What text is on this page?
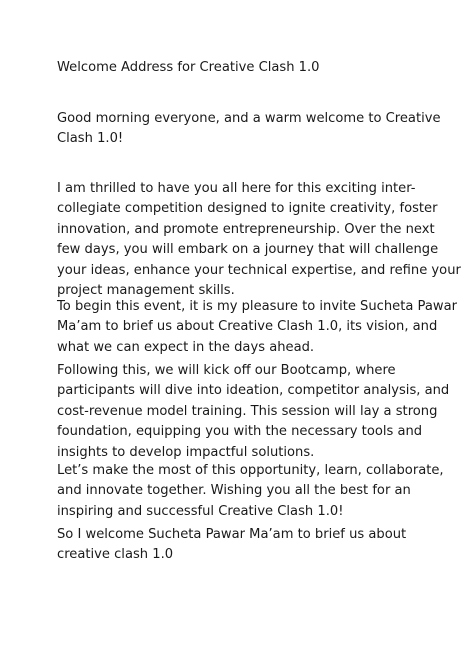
Welcome Address for Creative Clash 1.0

Good morning everyone, and a warm welcome to Creative
Clash 1.0!

I am thrilled to have you all here for this exciting inter-
collegiate competition designed to ignite creativity, foster
innovation, and promote entrepreneurship. Over the next
few days, you will embark on a journey that will challenge
your ideas, enhance your technical expertise, and refine your
project management skills.

To begin this event, it is my pleasure to invite Sucheta Pawar
Ma’am to brief us about Creative Clash 1.0, its vision, and
what we can expect in the days ahead.

Following this, we will kick off our Bootcamp, where
participants will dive into ideation, competitor analysis, and
cost-revenue model training. This session will lay a strong
foundation, equipping you with the necessary tools and
insights to develop impactful solutions.

Let’s make the most of this opportunity, learn, collaborate,
and innovate together. Wishing you all the best for an
inspiring and successful Creative Clash 1.0!

So I welcome Sucheta Pawar Ma’am to brief us about
creative clash 1.0
